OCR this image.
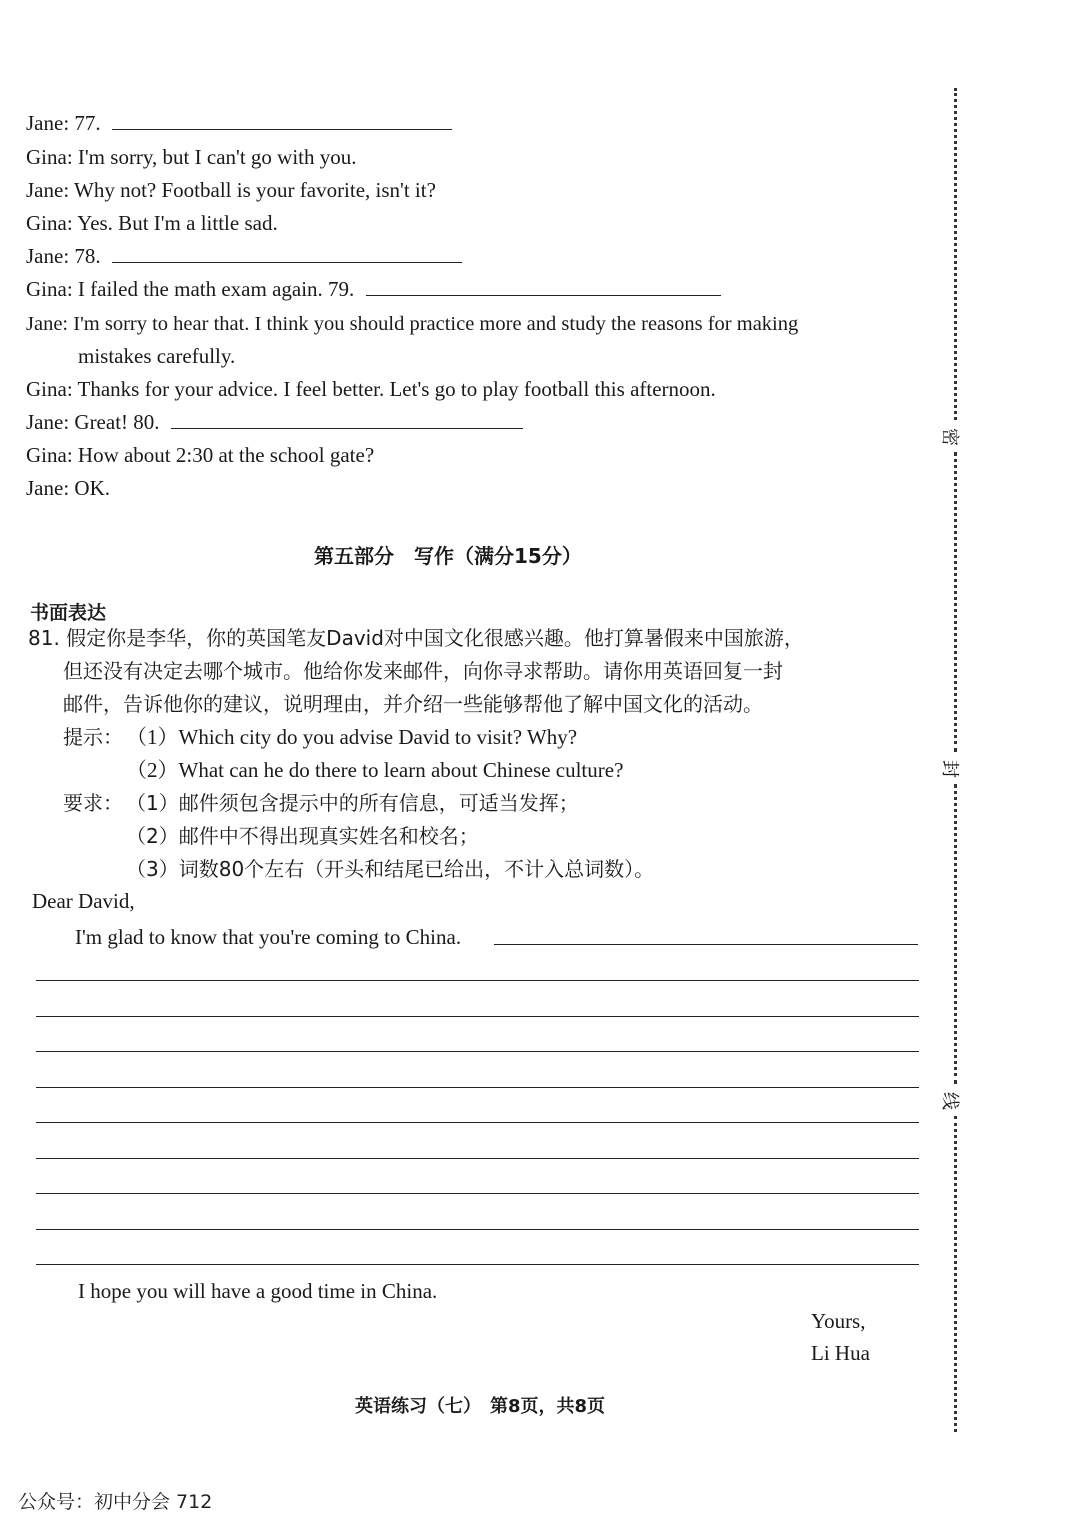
Jane: 77.
Gina: I'm sorry, but I can't go with you.
Jane: Why not? Football is your favorite, isn't it?
Gina: Yes. But I'm a little sad.
Jane: 78.
Gina: I failed the math exam again. 79.
Jane: I'm sorry to hear that. I think you should practice more and study the reasons for making
mistakes carefully.
Gina: Thanks for your advice. I feel better. Let's go to play football this afternoon.
Jane: Great! 80.
Gina: How about 2:30 at the school gate?
Jane: OK.
第五部分　写作（满分15分）
书面表达
81. 假定你是李华，你的英国笔友David对中国文化很感兴趣。他打算暑假来中国旅游，
但还没有决定去哪个城市。他给你发来邮件，向你寻求帮助。请你用英语回复一封
邮件，告诉他你的建议，说明理由，并介绍一些能够帮他了解中国文化的活动。
提示： （1）Which city do you advise David to visit? Why?
（2）What can he do there to learn about Chinese culture?
要求： （1）邮件须包含提示中的所有信息，可适当发挥；
（2）邮件中不得出现真实姓名和校名；
（3）词数80个左右（开头和结尾已给出，不计入总词数）。
Dear David,
I'm glad to know that you're coming to China.
I hope you will have a good time in China.
Yours,
Li Hua
密
封
线
英语练习（七）　第8页，共8页
公众号：初中分会 712
